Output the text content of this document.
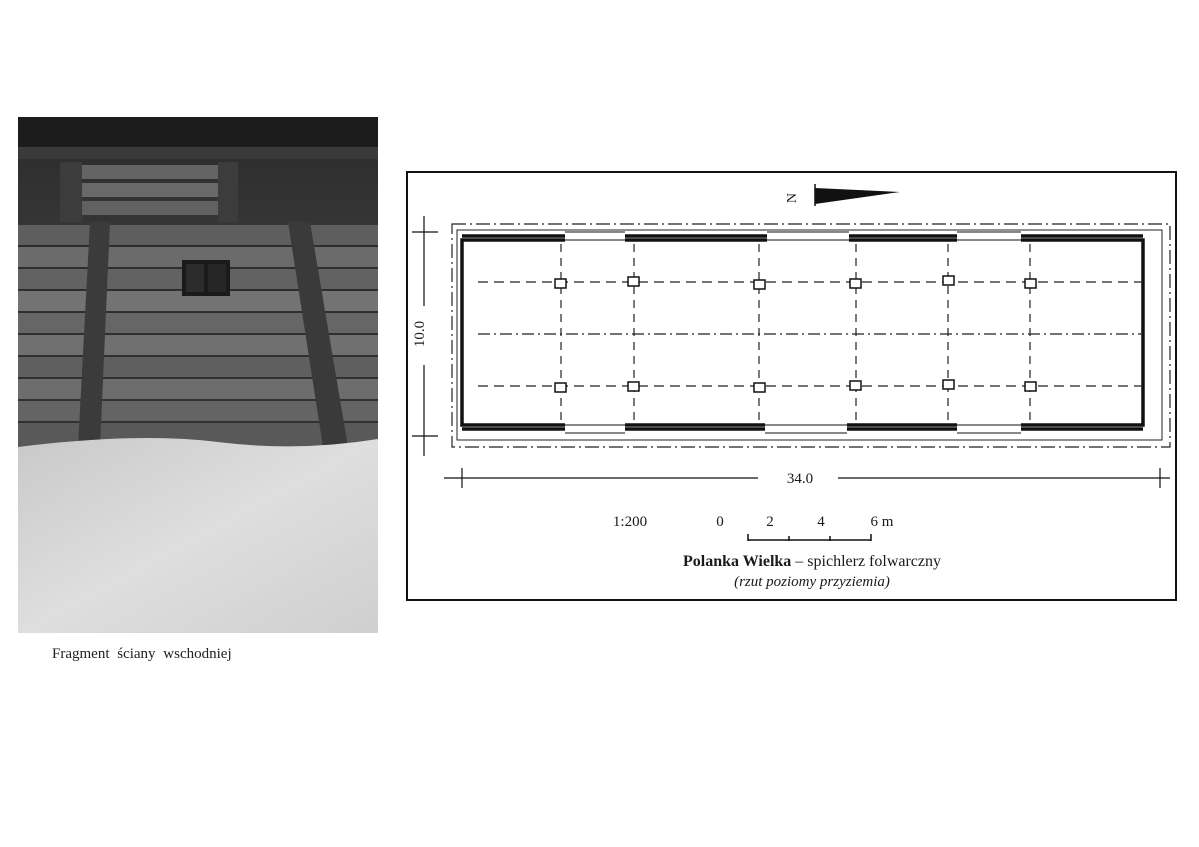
Fragment ściany wschodniej
N
10.0
34.0
1:200	0	2	4	6 m
Polanka Wielka – spichlerz folwarczny
(rzut poziomy przyziemia)
